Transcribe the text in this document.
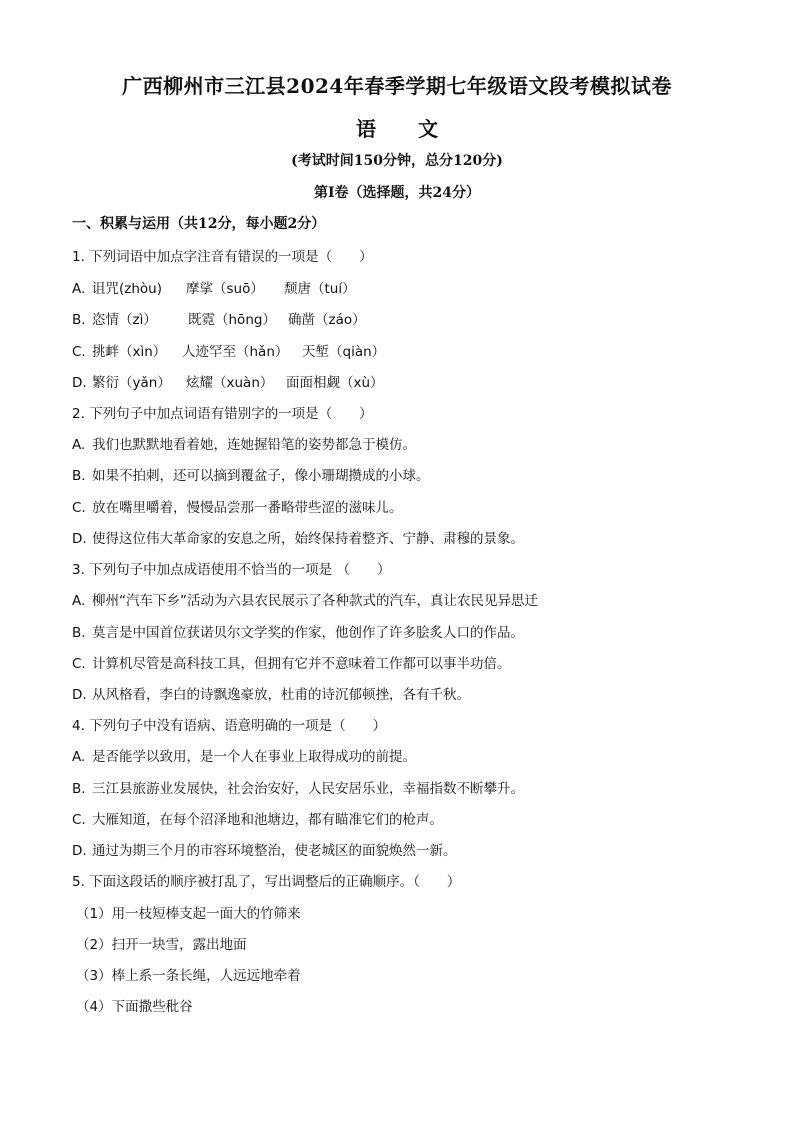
广西柳州市三江县2024年春季学期七年级语文段考模拟试卷
语 文
(考试时间150分钟，总分120分)
第Ⅰ卷（选择题，共24分）
一、积累与运用（共12分，每小题2分）
1. 下列词语中加点字注音有错误的一项是（　　）
A. 诅咒(zhòu) 摩挲（suō） 颓唐（tuí）
B. 恣情（zì） 既霓（hōng） 确凿（záo）
C. 挑衅（xìn） 人迹罕至（hǎn） 天堑（qiàn）
D. 繁衍（yǎn） 炫耀（xuàn） 面面相觑（xù）
2. 下列句子中加点词语有错别字的一项是（　　）
A. 我们也默默地看着她，连她握铅笔的姿势都急于模仿。
B. 如果不拍刺，还可以摘到覆盆子，像小珊瑚攒成的小球。
C. 放在嘴里嚼着，慢慢品尝那一番略带些涩的滋味儿。
D. 使得这位伟大革命家的安息之所，始终保持着整齐、宁静、肃穆的景象。
3. 下列句子中加点成语使用不恰当的一项是 （　　）
A. 柳州“汽车下乡”活动为六县农民展示了各种款式的汽车，真让农民见异思迁
B. 莫言是中国首位获诺贝尔文学奖的作家，他创作了许多脍炙人口的作品。
C. 计算机尽管是高科技工具，但拥有它并不意味着工作都可以事半功倍。
D. 从风格看，李白的诗飘逸豪放，杜甫的诗沉郁顿挫，各有千秋。
4. 下列句子中没有语病、语意明确的一项是（　　）
A. 是否能学以致用，是一个人在事业上取得成功的前提。
B. 三江县旅游业发展快，社会治安好，人民安居乐业，幸福指数不断攀升。
C. 大雁知道，在每个沼泽地和池塘边，都有瞄准它们的枪声。
D. 通过为期三个月的市容环境整治，使老城区的面貌焕然一新。
5. 下面这段话的顺序被打乱了，写出调整后的正确顺序。（　　）
（1）用一枝短棒支起一面大的竹筛来
（2）扫开一块雪，露出地面
（3）棒上系一条长绳，人远远地牵着
（4）下面撒些秕谷
